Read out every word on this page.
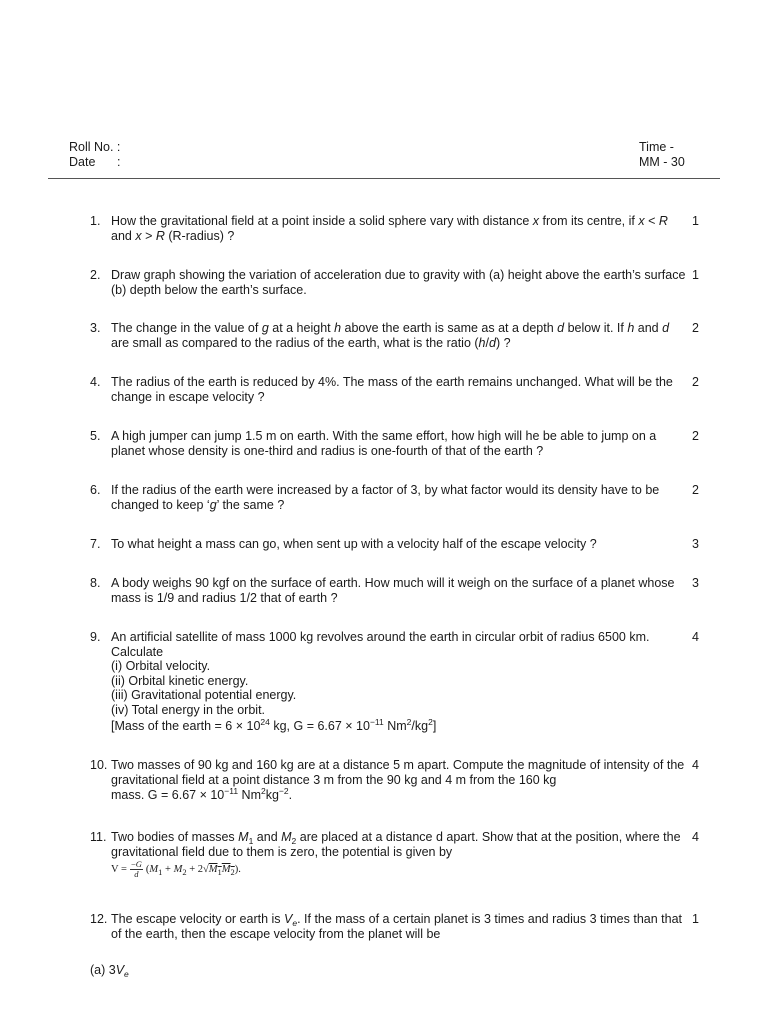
Roll No. :
Date :
Time -
MM - 30
1. How the gravitational field at a point inside a solid sphere vary with distance x from its centre, if x < R and x > R (R-radius) ?
1
2. Draw graph showing the variation of acceleration due to gravity with (a) height above the earth’s surface (b) depth below the earth’s surface.
1
3. The change in the value of g at a height h above the earth is same as at a depth d below it. If h and d are small as compared to the radius of the earth, what is the ratio (h/d) ?
2
4. The radius of the earth is reduced by 4%. The mass of the earth remains unchanged. What will be the change in escape velocity ?
2
5. A high jumper can jump 1.5 m on earth. With the same effort, how high will he be able to jump on a planet whose density is one-third and radius is one-fourth of that of the earth ?
2
6. If the radius of the earth were increased by a factor of 3, by what factor would its density have to be changed to keep ‘g’ the same ?
2
7. To what height a mass can go, when sent up with a velocity half of the escape velocity ?	3
8. A body weighs 90 kgf on the surface of earth. How much will it weigh on the surface of a planet whose mass is 1/9 and radius 1/2 that of earth ?
3
9. An artificial satellite of mass 1000 kg revolves around the earth in circular orbit of radius 6500 km. Calculate
(i) Orbital velocity.
(ii) Orbital kinetic energy.
(iii) Gravitational potential energy.
(iv) Total energy in the orbit.
[Mass of the earth = $6 \times 10^{24}$ kg, $G = 6.67 \times 10^{-11}$ $Nm^2/kg^2$]
4
10. Two masses of 90 kg and 160 kg are at a distance 5 m apart. Compute the magnitude of intensity of the gravitational field at a point distance 3 m from the 90 kg and 4 m from the 160 kg
mass. $G = 6.67 \times 10^{-11}$ $Nm^2kg^{-2}$.
4
11. Two bodies of masses $M_1$ and $M_2$ are placed at a distance d apart. Show that at the position, where the gravitational field due to them is zero, the potential is given by
$V = \frac{-G}{d} (M_1 + M_2 + 2√M_1M_2)$.
4
12. The escape velocity or earth is $V_e$. If the mass of a certain planet is 3 times and radius 3 times than that of the earth, then the escape velocity from the planet will be
1
(a) $3V_e$
